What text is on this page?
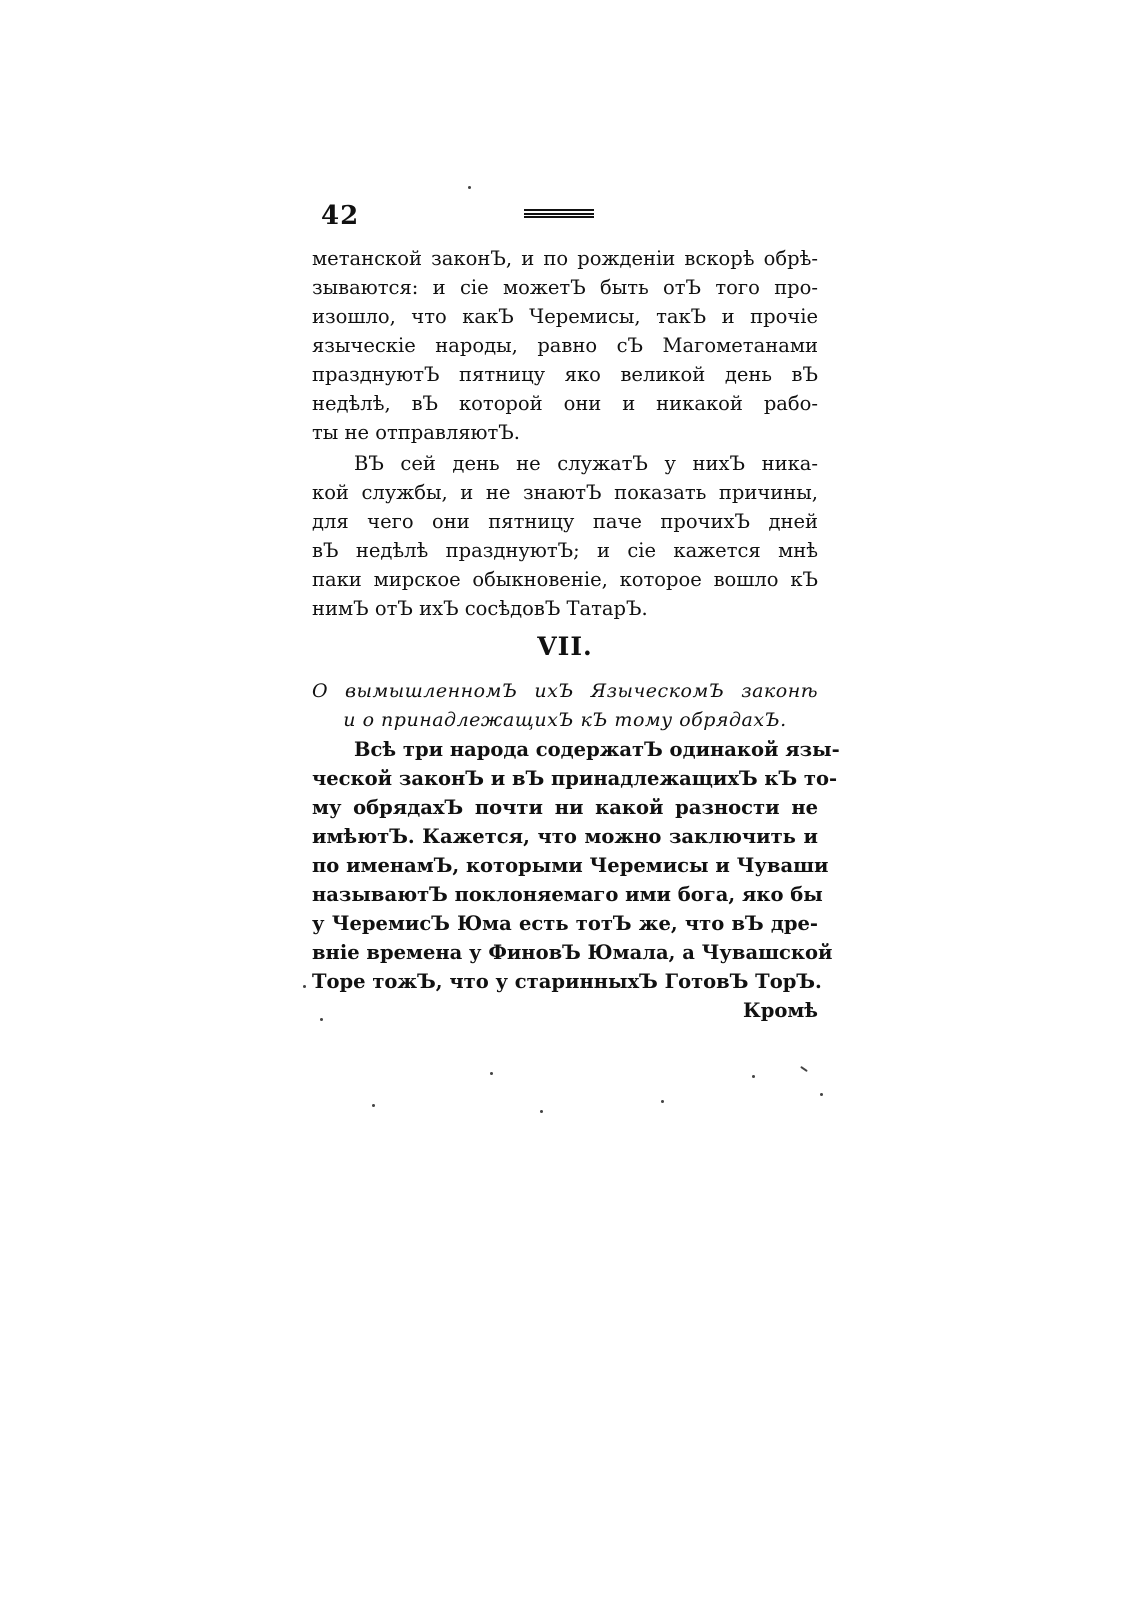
42
метанской законЪ, и по рожденіи вскорѣ обрѣ-
зываются: и сіе можетЪ быть отЪ того про-
изошло, что какЪ Черемисы, такЪ и прочіе
языческіе народы, равно сЪ Магометанами
празднуютЪ пятницу яко великой день вЪ
недѣлѣ, вЪ которой они и никакой рабо-
ты не отправляютЪ.
ВЪ сей день не служатЪ у нихЪ ника-
кой службы, и не знаютЪ показать причины,
для чего они пятницу паче прочихЪ дней
вЪ недѣлѣ празднуютЪ; и сіе кажется мнѣ
паки мирское обыкновеніе, которое вошло кЪ
нимЪ отЪ ихЪ сосѣдовЪ ТатарЪ.
VII.
О вымышленномЪ ихЪ ЯзыческомЪ законѣ
и о принадлежащихЪ кЪ тому обрядахЪ.
Всѣ три народа содержатЪ одинакой язы-
ческой законЪ и вЪ принадлежащихЪ кЪ то-
му обрядахЪ почти ни какой разности не
имѣютЪ. Кажется, что можно заключить и
по именамЪ, которыми Черемисы и Чуваши
называютЪ поклоняемаго ими бога, яко бы
у ЧеремисЪ Юма есть тотЪ же, что вЪ дре-
вніе времена у ФиновЪ Юмала, а Чувашской
Торе тожЪ, что у старинныхЪ ГотовЪ ТорЪ.
Кромѣ
